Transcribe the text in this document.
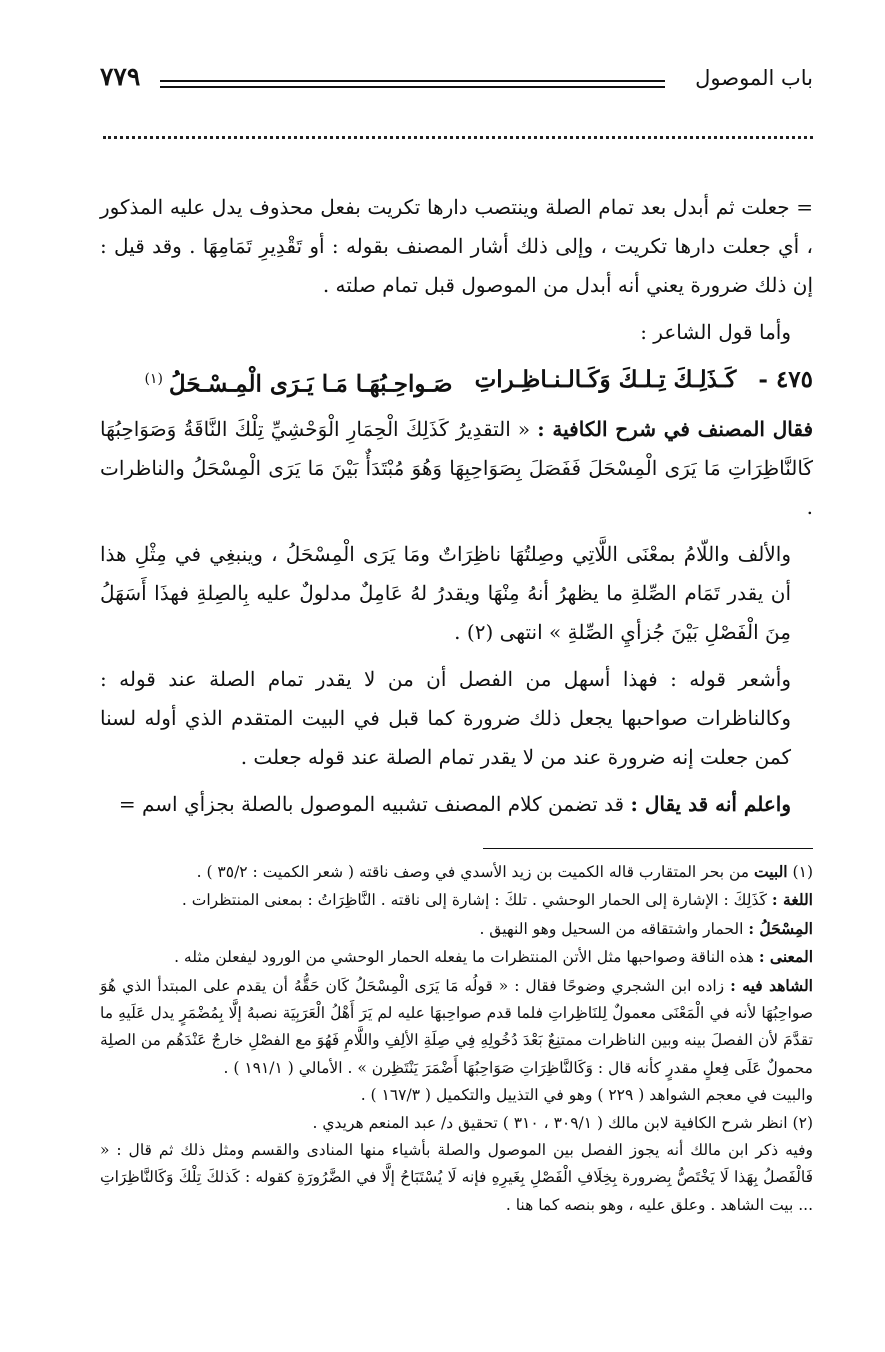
باب الموصول
٧٧٩

= جعلت ثم أبدل بعد تمام الصلة وينتصب دارها تكريت بفعل محذوف يدل عليه المذكور ، أي جعلت دارها تكريت ، وإلى ذلك أشار المصنف بقوله : أو تَقْدِيرِ تَمَامِهَا . وقد قيل : إن ذلك ضرورة يعني أنه أبدل من الموصول قبل تمام صلته .

وأما قول الشاعر :

٤٧٥ -
كَـذَلِـكَ تِـلـكَ وَكَـالـنـاظِـراتِ
صَـواحِـبُهَـا مَـا يَـرَى الْمِـسْـحَلُ$^{(١)}$

فقال المصنف في شرح الكافية : « التقدِيرُ كَذَلِكَ الْحِمَارِ الْوَحْشِيِّ تِلْكَ النَّاقَةُ وَصَوَاحِبُهَا كَالنَّاظِرَاتِ مَا يَرَى الْمِسْحَلَ فَفَصَلَ بِصَوَاحِبِهَا وَهُوَ مُبْتَدَأٌ بَيْنَ مَا يَرَى الْمِسْحَلُ والناظرات .

والألف واللّامُ بمعْنَى اللَّاتِي وصِلتُهَا ناظِرَاتٌ ومَا يَرَى الْمِسْحَلُ ، وينبغِي في مِثْلِ هذا أن يقدر تَمَام الصِّلةِ ما يظهرُ أنهُ مِنْهَا ويقدرُ لهُ عَامِلٌ مدلولٌ عليه بِالصِلةِ فهذَا أَسَهَلُ مِنَ الْفَصْلِ بَيْنَ جُزأيِ الصِّلةِ » انتهى (٢) .

وأشعر قوله : فهذا أسهل من الفصل أن من لا يقدر تمام الصلة عند قوله : وكالناظرات صواحبها يجعل ذلك ضرورة كما قبل في البيت المتقدم الذي أوله لسنا كمن جعلت إنه ضرورة عند من لا يقدر تمام الصلة عند قوله جعلت .

واعلم أنه قد يقال : قد تضمن كلام المصنف تشبيه الموصول بالصلة بجزأي اسم =

(١) البيت من بحر المتقارب قاله الكميت بن زيد الأسدي في وصف ناقته ( شعر الكميت : ٣٥/٢ ) .

اللغة : كَذَلِكَ : الإشارة إلى الحمار الوحشي . تلكَ : إشارة إلى ناقته . النَّاظِرَاتُ : بمعنى المنتظرات .

المِسْحَلُ : الحمار واشتقاقه من السحيل وهو النهيق .

المعنى : هذه الناقة وصواحبها مثل الأتن المنتظرات ما يفعله الحمار الوحشي من الورود ليفعلن مثله .

الشاهد فيه : زاده ابن الشجري وضوحًا فقال : « قولُه مَا يَرَى الْمِسْحَلُ كَان حَقُّهُ أن يقدم على المبتدأ الذي هُوَ صواحِبُهَا لأنه في الْمَعْنَى معمولٌ لِلنَاظِراتِ فلما قدم صواحِبهَا عليه لم يَرَ أَهْلُ الْعَرَبِيَة نصبهُ إلَّا بِمُضْمَرٍ يدل عَلَيهِ ما تقدَّمَ لأن الفصلَ بينه وبين الناظرات ممتنِعٌ بَعْدَ دُخُولِهِ فِي صِلَةِ الألِفِ واللَّامِ فَهُوَ مع الفصْلِ خارجٌ عَنْدَهُم من الصلِة محمولٌ عَلَى فِعلٍ مقدرٍ كأنه قال : وَكَالنَّاظِرَاتِ صَوَاحِبُهَا أَضْمَرَ يَنْتَظِرن » . الأمالي ( ١٩١/١ ) .

والبيت في معجم الشواهد ( ٢٢٩ ) وهو في التذييل والتكميل ( ١٦٧/٣ ) .

(٢) انظر شرح الكافية لابن مالك ( ٣٠٩/١ ، ٣١٠ ) تحقيق د/ عبد المنعم هريدي .

وفيه ذكر ابن مالك أنه يجوز الفصل بين الموصول والصلة بأشياء منها المنادى والقسم ومثل ذلك ثم قال : « فَالْفَصلُ بِهَذا لَا يَخْتَصُّ بِضرورة بِخِلَافِ الْفَصْلِ بِغَيرِهِ فإنه لَا يُسْتَبَاحُ إلَّا في الضَّرُورَةِ كقوله : كَذلكَ تِلْكَ وَكَالنَّاظِرَاتِ ... بيت الشاهد . وعلق عليه ، وهو بنصه كما هنا .
